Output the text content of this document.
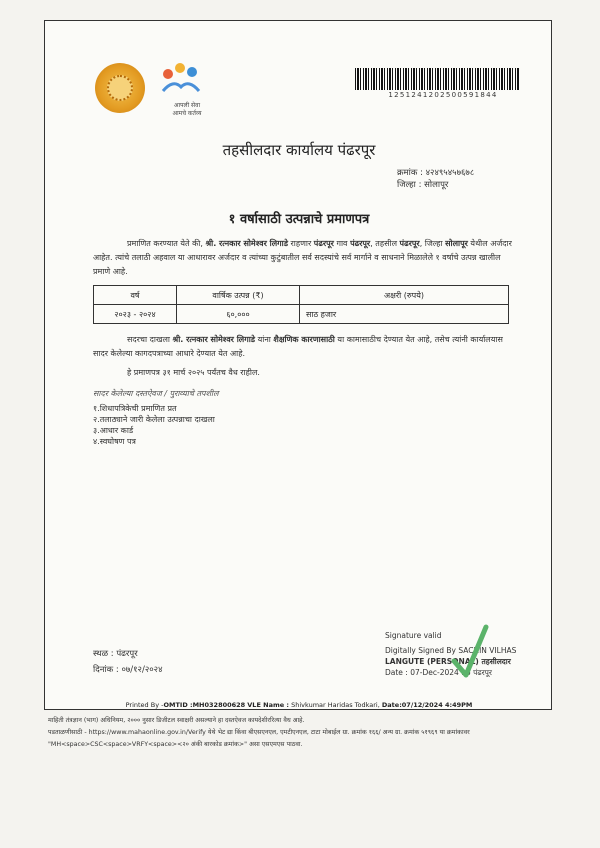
आपली सेवा
आमचे कर्तव्य
1251241202500591844
तहसीलदार कार्यालय पंढरपूर
क्रमांक : ४२४९५४५७६७८
जिल्हा : सोलापूर
१ वर्षासाठी उत्पन्नाचे प्रमाणपत्र
प्रमाणित करण्यात येते की, श्री. रत्नकार सोमेश्वर लिगाडे राहणार पंढरपूर गाव पंढरपूर, तहसील पंढरपूर, जिल्हा सोलापूर येथील अर्जदार आहेत. त्यांचे तलाठी अहवाल या आधारावर अर्जदार व त्यांच्या कुटुंबातील सर्व सदस्यांचे सर्व मार्गाने व साधनाने मिळालेले १ वर्षाचे उत्पन्न खालील प्रमाणे आहे.
वर्ष	वार्षिक उत्पन्न (₹)	अक्षरी (रुपये)
२०२३ - २०२४	६०,०००	साठ हजार
सदरचा दाखला श्री. रत्नकार सोमेश्वर लिगाडे यांना शैक्षणिक कारणासाठी या कामासाठीच देण्यात येत आहे, तसेच त्यांनी कार्यालयास सादर केलेल्या कागदपत्राच्या आधारे देण्यात येत आहे.
हे प्रमाणपत्र ३१ मार्च २०२५ पर्यंतच वैध राहील.
सादर केलेल्या दस्तऐवज / पुराव्याचे तपशील
१.शिधापत्रिकेची प्रमाणित प्रत
२.तलाठ्याने जारी केलेला उत्पन्नाचा दाखला
३.आधार कार्ड
४.स्वघोषण पत्र
Signature valid
Digitally Signed By SACHIN VILHAS
LANGUTE (PERSONAL) तहसीलदार
Date : 07-Dec-2024 16 पंढरपूर
स्थळ : पंढरपूर
दिनांक : ०७/१२/२०२४
Printed By -OMTID :MH032800628 VLE Name : Shivkumar Haridas Todkari, Date:07/12/2024 4:49PM
माहिती तंत्रज्ञान (भाग) अधिनियम, २००० नुसार डिजीटल स्वाक्षरी असल्याने हा दस्तऐवज कायदेशीररित्या वैध आहे.
पडताळणीसाठी - https://www.mahaonline.gov.in/Verify येथे भेट द्या किंवा बीएसएनएल, एमटीएनएल, टाटा मोबाईल ग्रा. क्रमांक १६६/ अन्य ग्रा. क्रमांक ५१९६९ या क्रमांकावर
"MH<space>CSC<space>VRFY<space><२० अंकी बारकोड क्रमांक>" असा एसएमएस पाठवा.
